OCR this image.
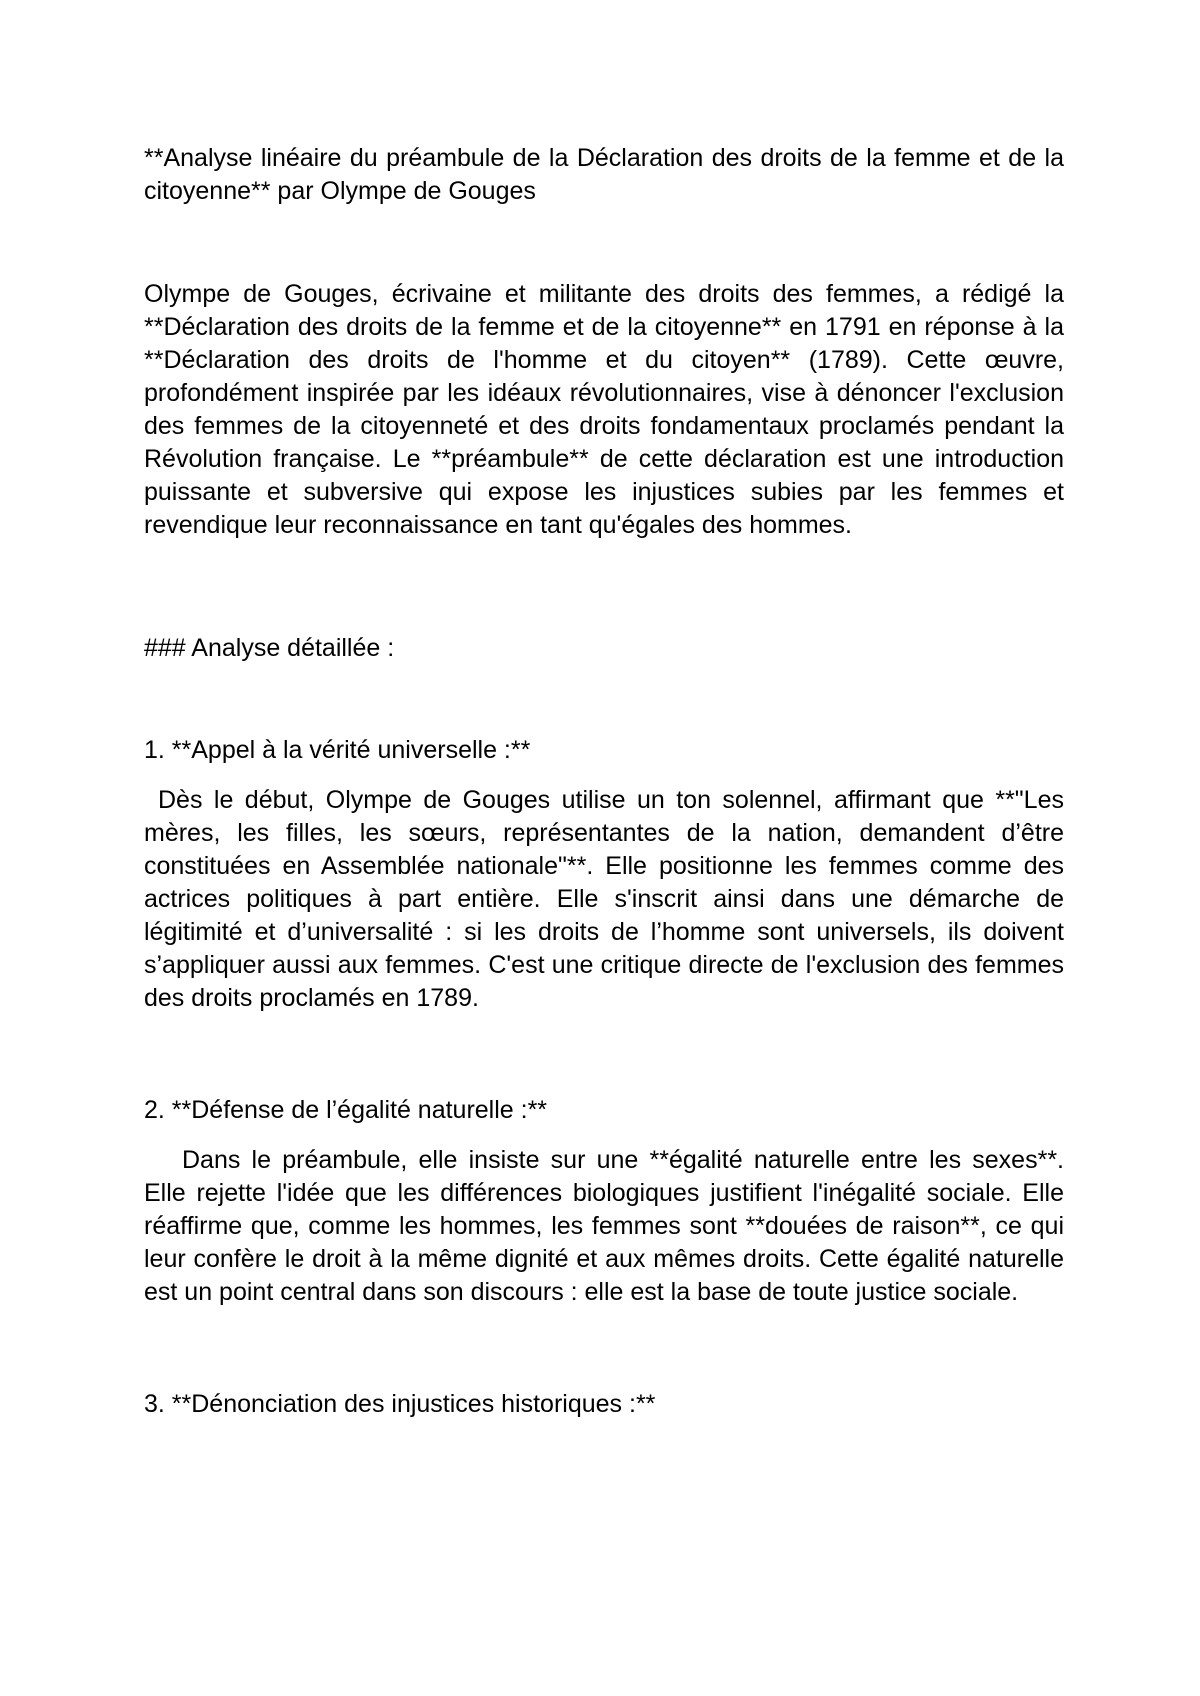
**Analyse linéaire du préambule de la Déclaration des droits de la femme et de la citoyenne** par Olympe de Gouges

Olympe de Gouges, écrivaine et militante des droits des femmes, a rédigé la **Déclaration des droits de la femme et de la citoyenne** en 1791 en réponse à la **Déclaration des droits de l'homme et du citoyen** (1789). Cette œuvre, profondément inspirée par les idéaux révolutionnaires, vise à dénoncer l'exclusion des femmes de la citoyenneté et des droits fondamentaux proclamés pendant la Révolution française. Le **préambule** de cette déclaration est une introduction puissante et subversive qui expose les injustices subies par les femmes et revendique leur reconnaissance en tant qu'égales des hommes.

### Analyse détaillée :

1. **Appel à la vérité universelle :**

Dès le début, Olympe de Gouges utilise un ton solennel, affirmant que **"Les mères, les filles, les sœurs, représentantes de la nation, demandent d’être constituées en Assemblée nationale"**. Elle positionne les femmes comme des actrices politiques à part entière. Elle s'inscrit ainsi dans une démarche de légitimité et d’universalité : si les droits de l’homme sont universels, ils doivent s’appliquer aussi aux femmes. C'est une critique directe de l'exclusion des femmes des droits proclamés en 1789.

2. **Défense de l’égalité naturelle :**

Dans le préambule, elle insiste sur une **égalité naturelle entre les sexes**. Elle rejette l'idée que les différences biologiques justifient l'inégalité sociale. Elle réaffirme que, comme les hommes, les femmes sont **douées de raison**, ce qui leur confère le droit à la même dignité et aux mêmes droits. Cette égalité naturelle est un point central dans son discours : elle est la base de toute justice sociale.

3. **Dénonciation des injustices historiques :**
